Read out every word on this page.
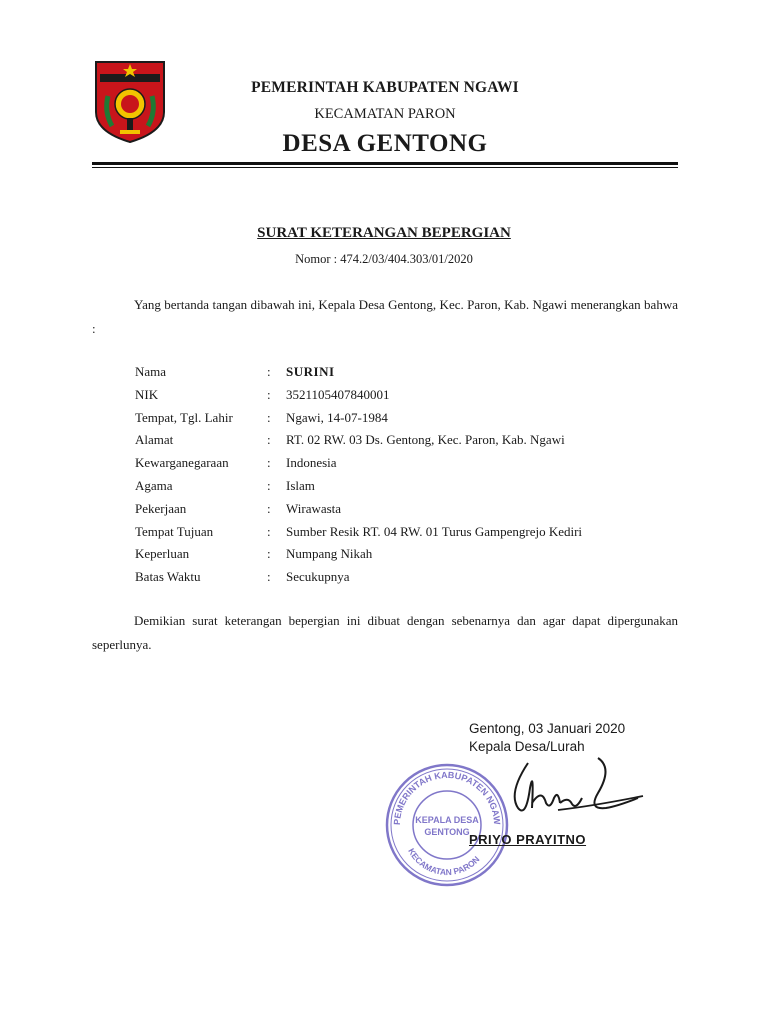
PEMERINTAH KABUPATEN NGAWI
KECAMATAN PARON
DESA GENTONG
SURAT KETERANGAN BEPERGIAN
Nomor : 474.2/03/404.303/01/2020
Yang bertanda tangan dibawah ini, Kepala Desa Gentong, Kec. Paron, Kab. Ngawi menerangkan bahwa :
Nama	: SURINI
NIK	: 3521105407840001
Tempat, Tgl. Lahir	: Ngawi, 14-07-1984
Alamat	: RT. 02 RW. 03 Ds. Gentong, Kec. Paron, Kab. Ngawi
Kewarganegaraan	: Indonesia
Agama	: Islam
Pekerjaan	: Wirawasta
Tempat Tujuan	: Sumber Resik RT. 04 RW. 01 Turus Gampengrejo Kediri
Keperluan	: Numpang Nikah
Batas Waktu	: Secukupnya
Demikian surat keterangan bepergian ini dibuat dengan sebenarnya dan agar dapat dipergunakan seperlunya.
Gentong, 03 Januari 2020
Kepala Desa/Lurah
PEMERINTAH KABUPATEN NGAW
KECAMATAN PARON
KEPALA DESA
GENTONG PRIYO PRAYITNO
